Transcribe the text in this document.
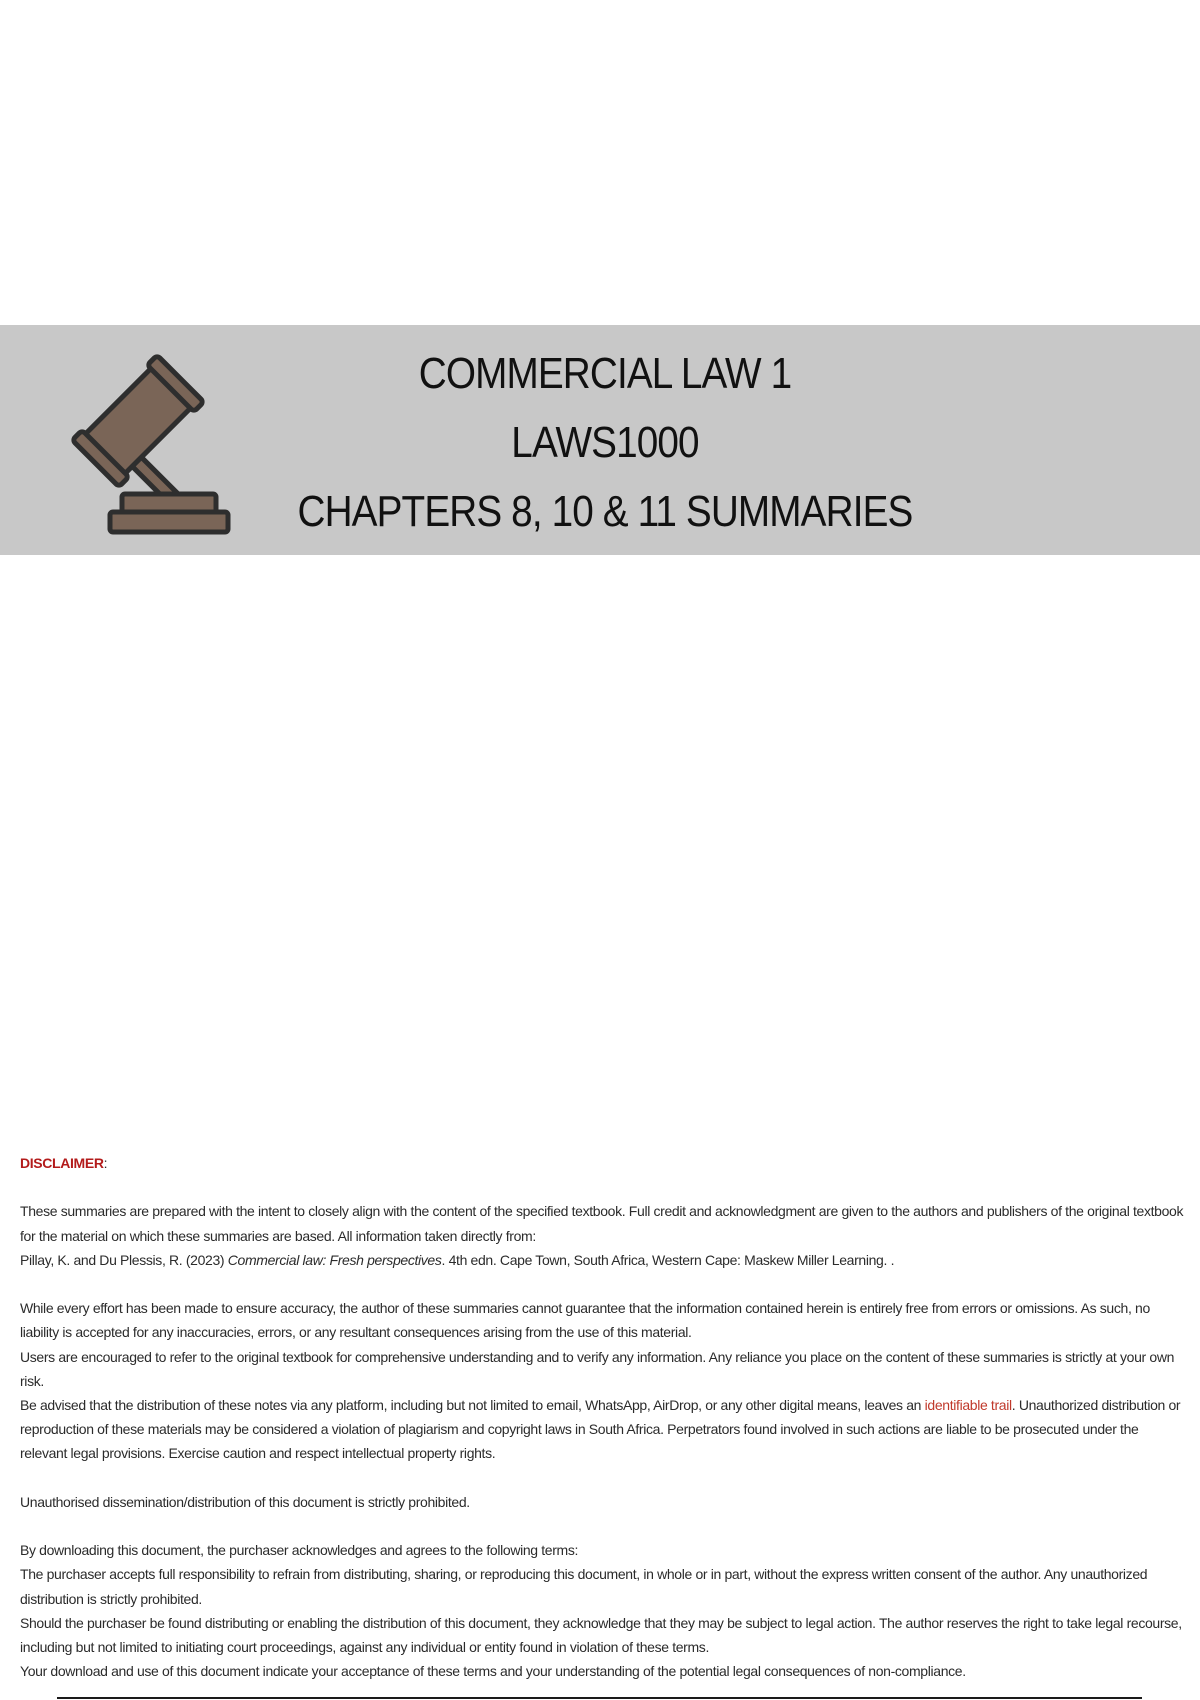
COMMERCIAL LAW 1
LAWS1000
CHAPTERS 8, 10 & 11 SUMMARIES

DISCLAIMER:

These summaries are prepared with the intent to closely align with the content of the specified textbook. Full credit and acknowledgment are given to the authors and publishers of the original textbook for the material on which these summaries are based. All information taken directly from:

Pillay, K. and Du Plessis, R. (2023) Commercial law: Fresh perspectives. 4th edn. Cape Town, South Africa, Western Cape: Maskew Miller Learning. .

While every effort has been made to ensure accuracy, the author of these summaries cannot guarantee that the information contained herein is entirely free from errors or omissions. As such, no liability is accepted for any inaccuracies, errors, or any resultant consequences arising from the use of this material.

Users are encouraged to refer to the original textbook for comprehensive understanding and to verify any information. Any reliance you place on the content of these summaries is strictly at your own risk.

Be advised that the distribution of these notes via any platform, including but not limited to email, WhatsApp, AirDrop, or any other digital means, leaves an identifiable trail. Unauthorized distribution or reproduction of these materials may be considered a violation of plagiarism and copyright laws in South Africa. Perpetrators found involved in such actions are liable to be prosecuted under the relevant legal provisions. Exercise caution and respect intellectual property rights.

Unauthorised dissemination/distribution of this document is strictly prohibited.

By downloading this document, the purchaser acknowledges and agrees to the following terms:

The purchaser accepts full responsibility to refrain from distributing, sharing, or reproducing this document, in whole or in part, without the express written consent of the author. Any unauthorized distribution is strictly prohibited.

Should the purchaser be found distributing or enabling the distribution of this document, they acknowledge that they may be subject to legal action. The author reserves the right to take legal recourse, including but not limited to initiating court proceedings, against any individual or entity found in violation of these terms.

Your download and use of this document indicate your acceptance of these terms and your understanding of the potential legal consequences of non-compliance.
